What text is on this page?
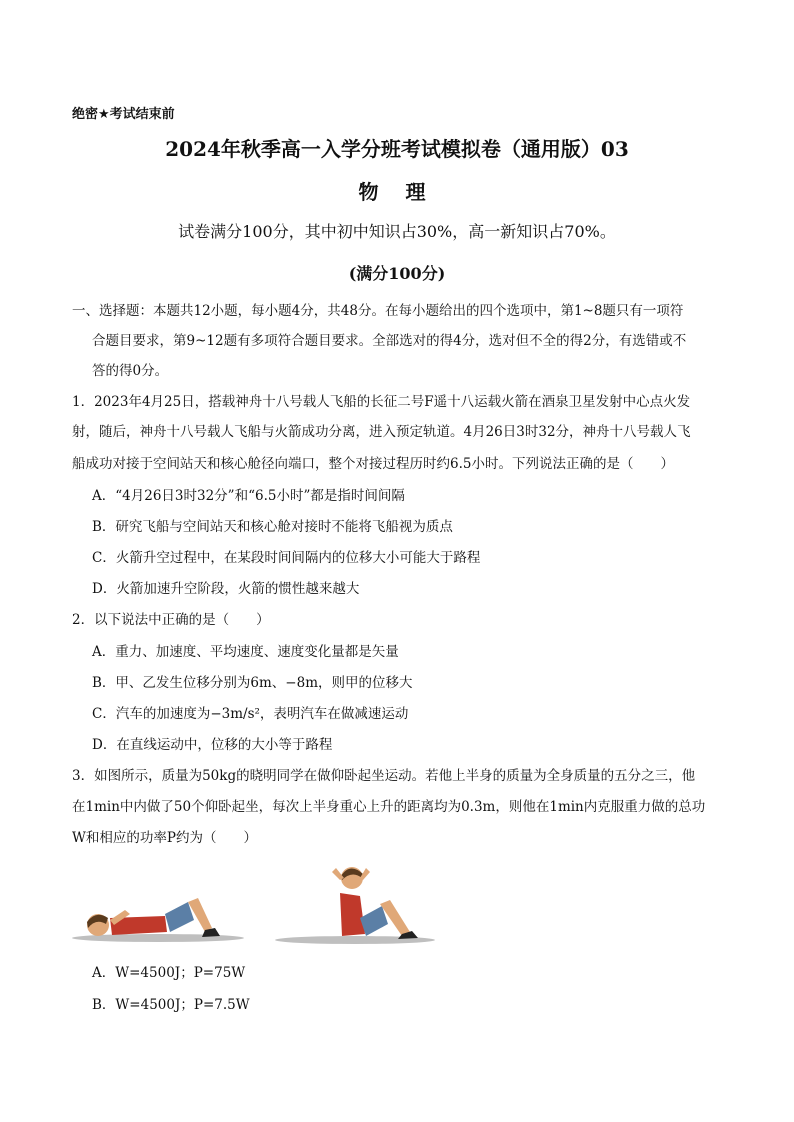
绝密★考试结束前
2024年秋季高一入学分班考试模拟卷（通用版）03
物 理
试卷满分100分，其中初中知识占30%，高一新知识占70%。
(满分100分)
一、选择题：本题共12小题，每小题4分，共48分。在每小题给出的四个选项中，第1~8题只有一项符
合题目要求，第9~12题有多项符合题目要求。全部选对的得4分，选对但不全的得2分，有选错或不
答的得0分。
1．2023年4月25日，搭载神舟十八号载人飞船的长征二号F遥十八运载火箭在酒泉卫星发射中心点火发
射，随后，神舟十八号载人飞船与火箭成功分离，进入预定轨道。4月26日3时32分，神舟十八号载人飞
船成功对接于空间站天和核心舱径向端口，整个对接过程历时约6.5小时。下列说法正确的是（　　）
A．“4月26日3时32分”和“6.5小时”都是指时间间隔
B．研究飞船与空间站天和核心舱对接时不能将飞船视为质点
C．火箭升空过程中，在某段时间间隔内的位移大小可能大于路程
D．火箭加速升空阶段，火箭的惯性越来越大
2．以下说法中正确的是（　　）
A．重力、加速度、平均速度、速度变化量都是矢量
B．甲、乙发生位移分别为6m、−8m，则甲的位移大
C．汽车的加速度为−3m/s²，表明汽车在做减速运动
D．在直线运动中，位移的大小等于路程
3．如图所示，质量为50kg的晓明同学在做仰卧起坐运动。若他上半身的质量为全身质量的五分之三，他
在1min中内做了50个仰卧起坐，每次上半身重心上升的距离均为0.3m，则他在1min内克服重力做的总功
W和相应的功率P约为（　　）
A．W=4500J；P=75W
B．W=4500J；P=7.5W
